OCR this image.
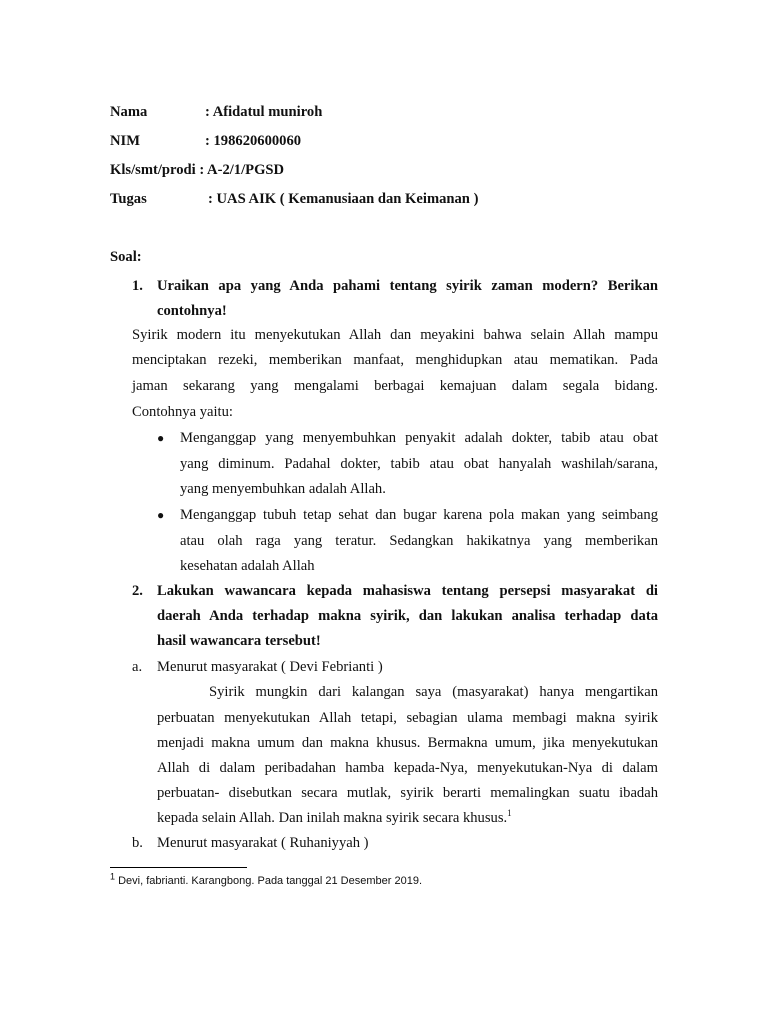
Nama	: Afidatul muniroh
NIM	: 198620600060
Kls/smt/prodi : A-2/1/PGSD
Tugas	: UAS AIK ( Kemanusiaan dan Keimanan )
Soal:
1. Uraikan apa yang Anda pahami tentang syirik zaman modern? Berikan
contohnya!
Syirik modern itu menyekutukan Allah dan meyakini bahwa selain Allah mampu
menciptakan rezeki, memberikan manfaat, menghidupkan atau mematikan. Pada
jaman sekarang yang mengalami berbagai kemajuan dalam segala bidang.
Contohnya yaitu:
● Menganggap yang menyembuhkan penyakit adalah dokter, tabib atau obat
yang diminum. Padahal dokter, tabib atau obat hanyalah washilah/sarana,
yang menyembuhkan adalah Allah.
● Menganggap tubuh tetap sehat dan bugar karena pola makan yang seimbang
atau olah raga yang teratur. Sedangkan hakikatnya yang memberikan
kesehatan adalah Allah
2. Lakukan wawancara kepada mahasiswa tentang persepsi masyarakat di
daerah Anda terhadap makna syirik, dan lakukan analisa terhadap data
hasil wawancara tersebut!
a. Menurut masyarakat ( Devi Febrianti )
Syirik mungkin dari kalangan saya (masyarakat) hanya mengartikan
perbuatan menyekutukan Allah tetapi, sebagian ulama membagi makna syirik
menjadi makna umum dan makna khusus. Bermakna umum, jika menyekutukan
Allah di dalam peribadahan hamba kepada-Nya, menyekutukan-Nya di dalam
perbuatan- disebutkan secara mutlak, syirik berarti memalingkan suatu ibadah
kepada selain Allah. Dan inilah makna syirik secara khusus.$^1$
b. Menurut masyarakat ( Ruhaniyyah )
$^1$ Devi, fabrianti. Karangbong. Pada tanggal 21 Desember 2019.
